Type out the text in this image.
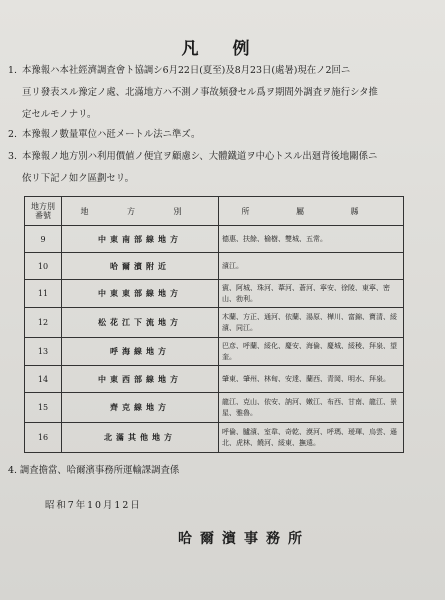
凡 例
1. 本豫報ハ本社經濟調査會ト協調シ6月22日(夏至)及8月23日(處暑)現在ノ2回ニ
亘リ發表スル豫定ノ處、北滿地方ハ不測ノ事故頻發セル爲ヲ期間外調査ヲ施行シタ推
定セルモノナリ。
2. 本豫報ノ數量單位ハ瓩メートル法ニ準ズ。
3. 本豫報ノ地方別ハ利用價値ノ便宜ヲ顧慮シ、大體鐵道ヲ中心トスル出廻背後地關係ニ
依リ下記ノ如ク區劃セリ。
地方別 番號	地 方 別	所 屬 縣
9	中東南部線地方	德惠、扶餘、榆樹、雙城、五常。
10	哈爾濱附近	濱江。
11	中東東部線地方	賓、阿城、珠河、葦河、蒼河、寧安、徐陵、東寧、密山、勃利。
12	松花江下流地方	木蘭、方正、通河、依蘭、湯原、樺川、富錦、寶清、綏濱、同江。
13	呼海線地方	巴彦、呼蘭、綏化、慶安、海倫、慶城、綏稜、拜泉、望奎。
14	中東西部線地方	肇東、肇州、林甸、安達、蘭西、青岡、明水、拜泉。
15	齊克線地方	龍江、克山、依安、訥河、嫩江、布西、甘南、龍江、景星、雅魯。
16	北滿其他地方	呼倫、臚濱、室韋、奇乾、漠河、呼瑪、璦琿、烏雲、遜北、虎林、饒河、綏東、撫遠。
4. 調査擔當、哈爾濱事務所運輸課調査係
昭和7年10月12日
哈爾濱事務所
